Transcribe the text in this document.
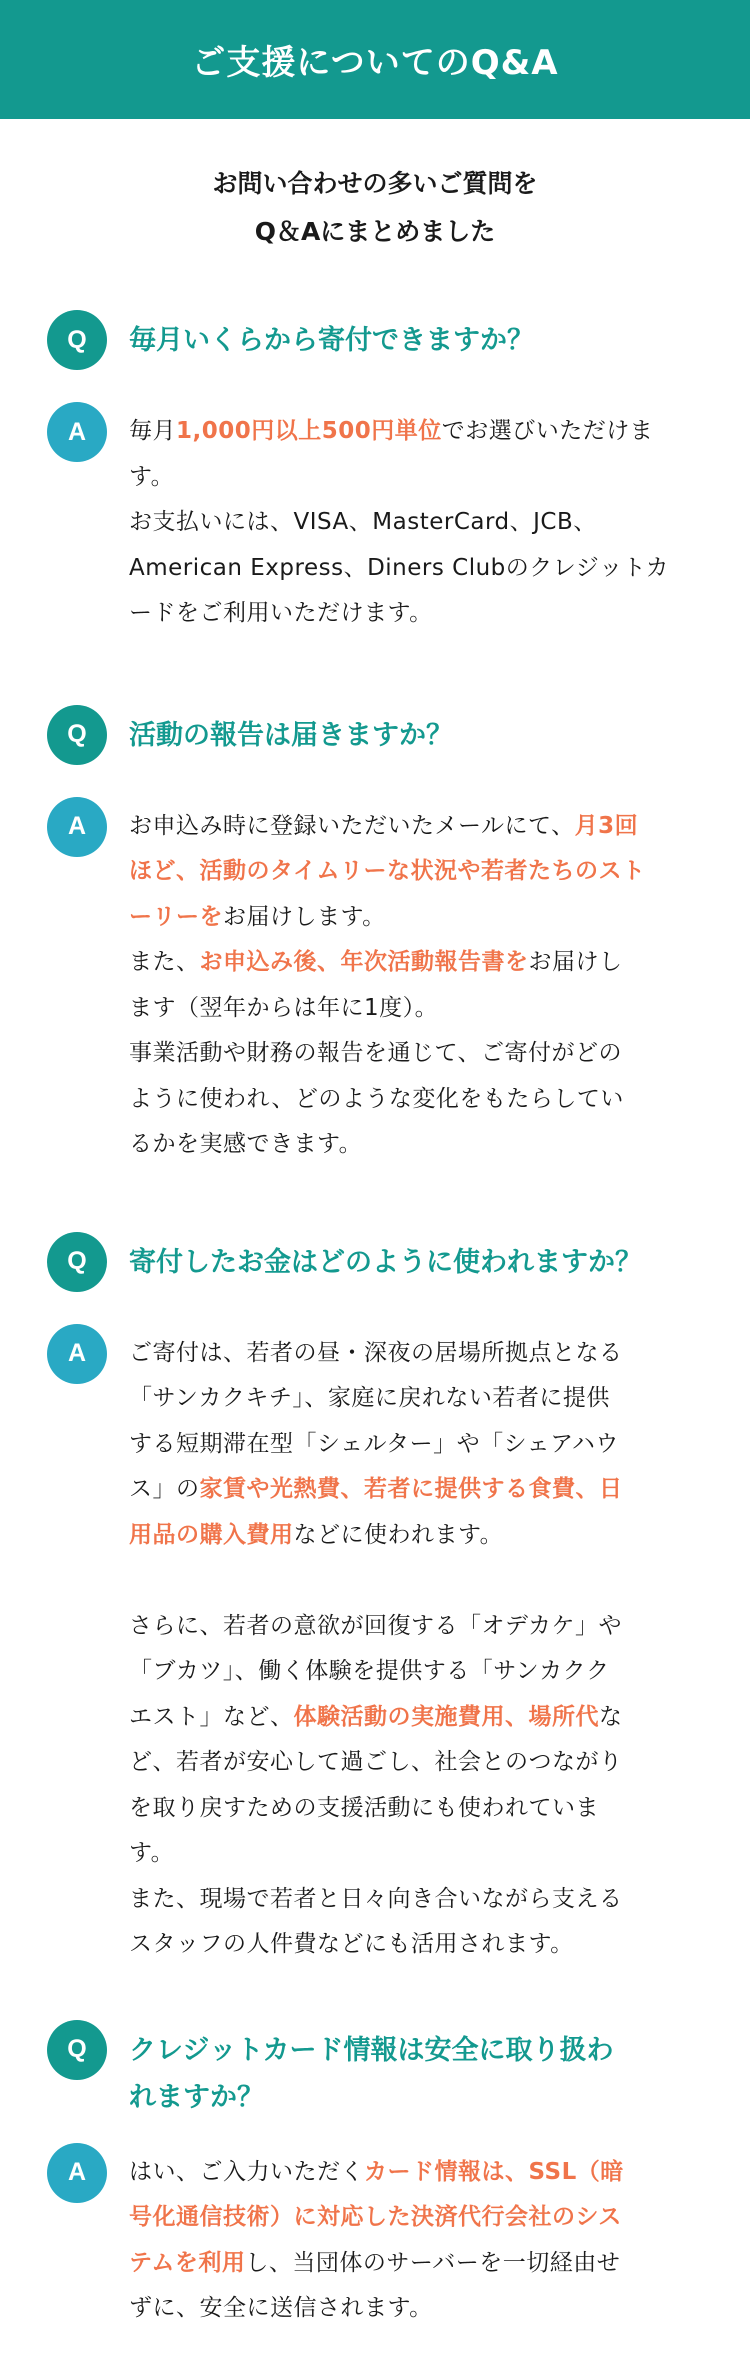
ご支援についてのQ&A
お問い合わせの多いご質問を
Q＆Aにまとめました
Q	毎月いくらから寄付できますか？
A	毎月1,000円以上500円単位でお選びいただけま
す。
お支払いには、VISA、MasterCard、JCB、
American Express、Diners Clubのクレジットカ
ードをご利用いただけます。
Q	活動の報告は届きますか？
A	お申込み時に登録いただいたメールにて、月3回
ほど、活動のタイムリーな状況や若者たちのスト
ーリーをお届けします。
また、お申込み後、年次活動報告書をお届けし
ます（翌年からは年に1度）。
事業活動や財務の報告を通じて、ご寄付がどの
ように使われ、どのような変化をもたらしてい
るかを実感できます。
Q	寄付したお金はどのように使われますか？
A	ご寄付は、若者の昼・深夜の居場所拠点となる
「サンカクキチ」、家庭に戻れない若者に提供
する短期滞在型「シェルター」や「シェアハウ
ス」の家賃や光熱費、若者に提供する食費、日
用品の購入費用などに使われます。
さらに、若者の意欲が回復する「オデカケ」や
「ブカツ」、働く体験を提供する「サンカクク
エスト」など、体験活動の実施費用、場所代な
ど、若者が安心して過ごし、社会とのつながり
を取り戻すための支援活動にも使われていま
す。
また、現場で若者と日々向き合いながら支える
スタッフの人件費などにも活用されます。
Q	クレジットカード情報は安全に取り扱わ
れますか？
A	はい、ご入力いただくカード情報は、SSL（暗
号化通信技術）に対応した決済代行会社のシス
テムを利用し、当団体のサーバーを一切経由せ
ずに、安全に送信されます。
